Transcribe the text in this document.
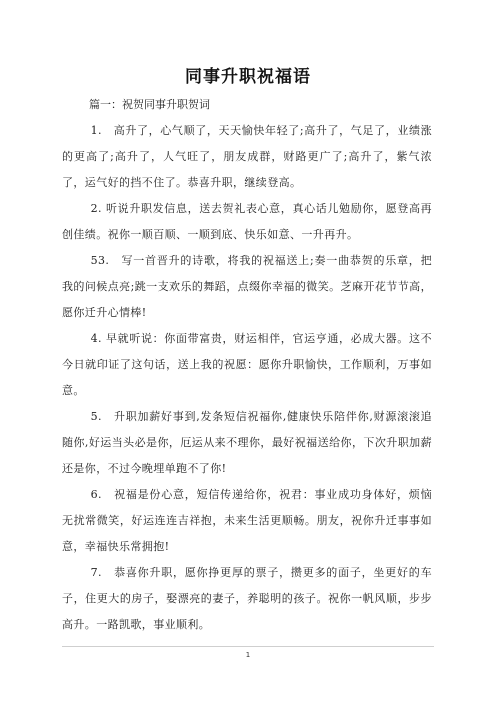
同事升职祝福语
篇一：祝贺同事升职贺词
1.　高升了，心气顺了，天天愉快年轻了;高升了，气足了，业绩涨的更高了;高升了，人气旺了，朋友成群，财路更广了;高升了，紫气浓了，运气好的挡不住了。恭喜升职，继续登高。
2. 听说升职发信息，送去贺礼表心意，真心话儿勉励你，愿登高再创佳绩。祝你一顺百顺、一顺到底、快乐如意、一升再升。
53.　写一首晋升的诗歌，将我的祝福送上;奏一曲恭贺的乐章，把我的问候点亮;跳一支欢乐的舞蹈，点缀你幸福的微笑。芝麻开花节节高，愿你迁升心情棒!
4. 早就听说：你面带富贵，财运相伴，官运亨通，必成大器。这不今日就印证了这句话，送上我的祝愿：愿你升职愉快，工作顺利，万事如意。
5.　升职加薪好事到,发条短信祝福你,健康快乐陪伴你,财源滚滚追随你,好运当头必是你，厄运从来不理你，最好祝福送给你，下次升职加薪还是你，不过今晚埋单跑不了你!
6.　祝福是份心意，短信传递给你，祝君：事业成功身体好，烦恼无扰常微笑，好运连连吉祥抱，未来生活更顺畅。朋友，祝你升迁事事如意，幸福快乐常拥抱!
7.　恭喜你升职，愿你挣更厚的票子，攒更多的面子，坐更好的车子，住更大的房子，娶漂亮的妻子，养聪明的孩子。祝你一帆风顺，步步高升。一路凯歌，事业顺利。
1
